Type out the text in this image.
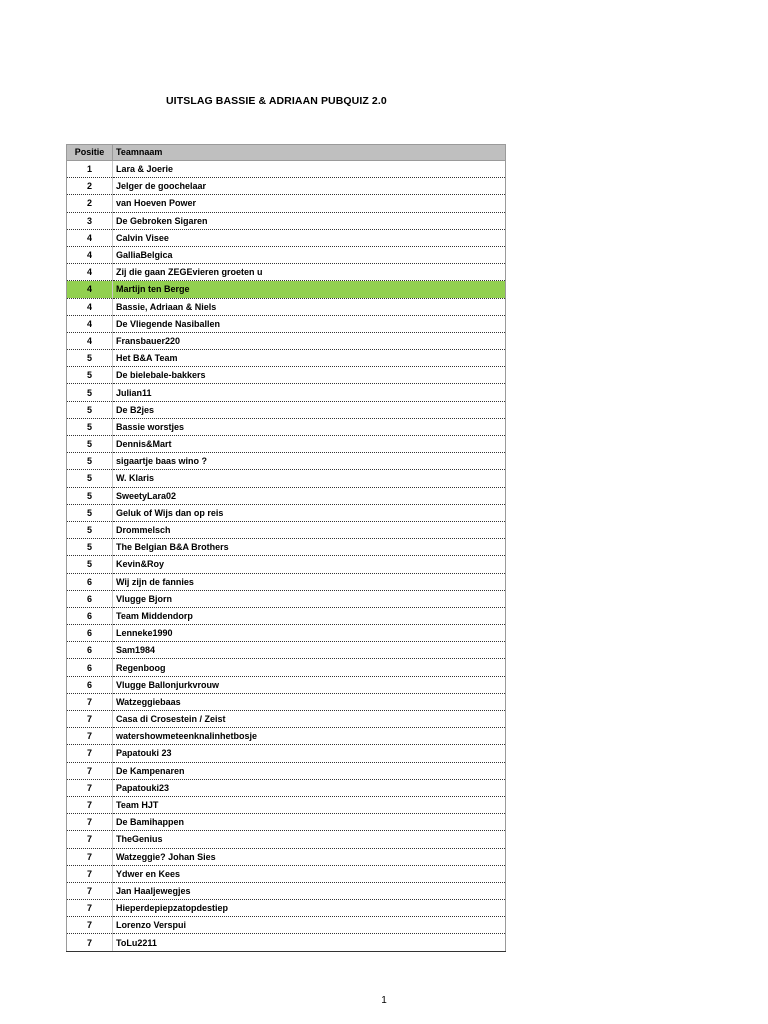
UITSLAG BASSIE & ADRIAAN PUBQUIZ 2.0
Positie	Teamnaam
1	Lara & Joerie
2	Jelger de goochelaar
2	van Hoeven Power
3	De Gebroken Sigaren
4	Calvin Visee
4	GalliaBelgica
4	Zij die gaan ZEGEvieren groeten u
4	Martijn ten Berge
4	Bassie, Adriaan & Niels
4	De Vliegende Nasiballen
4	Fransbauer220
5	Het B&A Team
5	De bielebale-bakkers
5	Julian11
5	De B2jes
5	Bassie worstjes
5	Dennis&Mart
5	sigaartje baas wino ?
5	W. Klaris
5	SweetyLara02
5	Geluk of Wijs dan op reis
5	Drommelsch
5	The Belgian B&A Brothers
5	Kevin&Roy
6	Wij zijn de fannies
6	Vlugge Bjorn
6	Team Middendorp
6	Lenneke1990
6	Sam1984
6	Regenboog
6	Vlugge Ballonjurkvrouw
7	Watzeggiebaas
7	Casa di Crosestein / Zeist
7	watershowmeteenknalinhetbosje
7	Papatouki 23
7	De Kampenaren
7	Papatouki23
7	Team HJT
7	De Bamihappen
7	TheGenius
7	Watzeggie? Johan Sies
7	Ydwer en Kees
7	Jan Haaljewegjes
7	Hieperdepiepzatopdestiep
7	Lorenzo Verspui
7	ToLu2211
1
